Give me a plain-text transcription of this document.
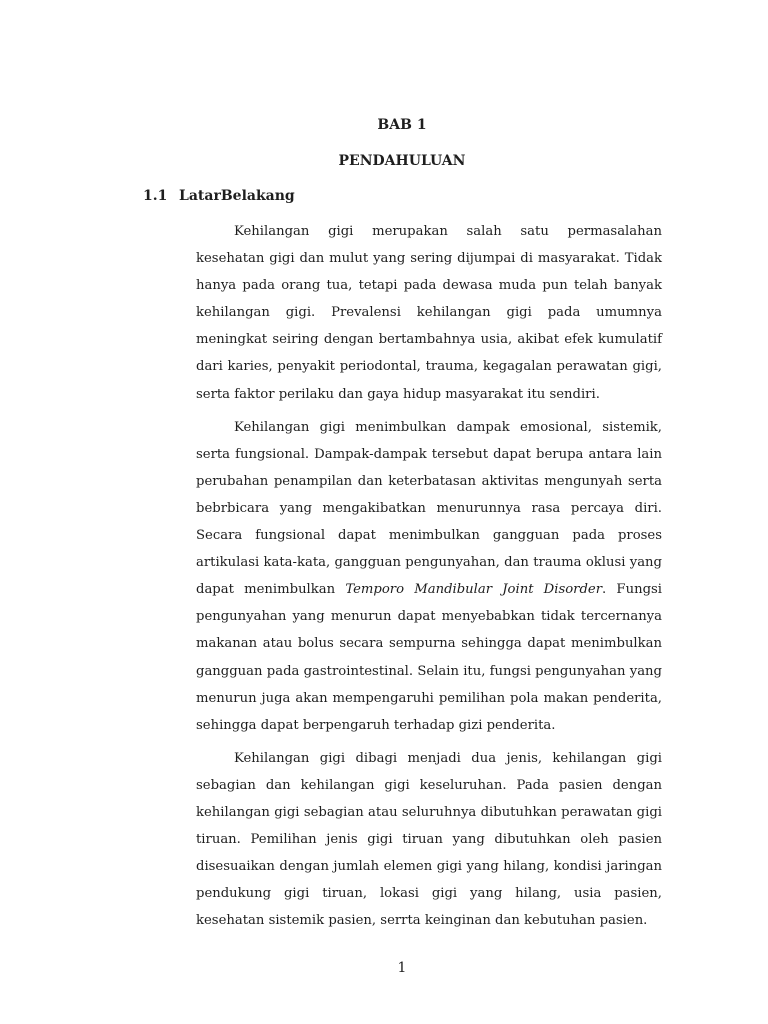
BAB 1
PENDAHULUAN
1.1 LatarBelakang

Kehilangan gigi merupakan salah satu permasalahan kesehatan gigi dan mulut yang sering dijumpai di masyarakat. Tidak hanya pada orang tua, tetapi pada dewasa muda pun telah banyak kehilangan gigi. Prevalensi kehilangan gigi pada umumnya meningkat seiring dengan bertambahnya usia, akibat efek kumulatif dari karies, penyakit periodontal, trauma, kegagalan perawatan gigi, serta faktor perilaku dan gaya hidup masyarakat itu sendiri.

Kehilangan gigi menimbulkan dampak emosional, sistemik, serta fungsional. Dampak-dampak tersebut dapat berupa antara lain perubahan penampilan dan keterbatasan aktivitas mengunyah serta bebrbicara yang mengakibatkan menurunnya rasa percaya diri. Secara fungsional dapat menimbulkan gangguan pada proses artikulasi kata-kata, gangguan pengunyahan, dan trauma oklusi yang dapat menimbulkan Temporo Mandibular Joint Disorder. Fungsi pengunyahan yang menurun dapat menyebabkan tidak tercernanya makanan atau bolus secara sempurna sehingga dapat menimbulkan gangguan pada gastrointestinal. Selain itu, fungsi pengunyahan yang menurun juga akan mempengaruhi pemilihan pola makan penderita, sehingga dapat berpengaruh terhadap gizi penderita.

Kehilangan gigi dibagi menjadi dua jenis, kehilangan gigi sebagian dan kehilangan gigi keseluruhan. Pada pasien dengan kehilangan gigi sebagian atau seluruhnya dibutuhkan perawatan gigi tiruan. Pemilihan jenis gigi tiruan yang dibutuhkan oleh pasien disesuaikan dengan jumlah elemen gigi yang hilang, kondisi jaringan pendukung gigi tiruan, lokasi gigi yang hilang, usia pasien, kesehatan sistemik pasien, serrta keinginan dan kebutuhan pasien.

1
